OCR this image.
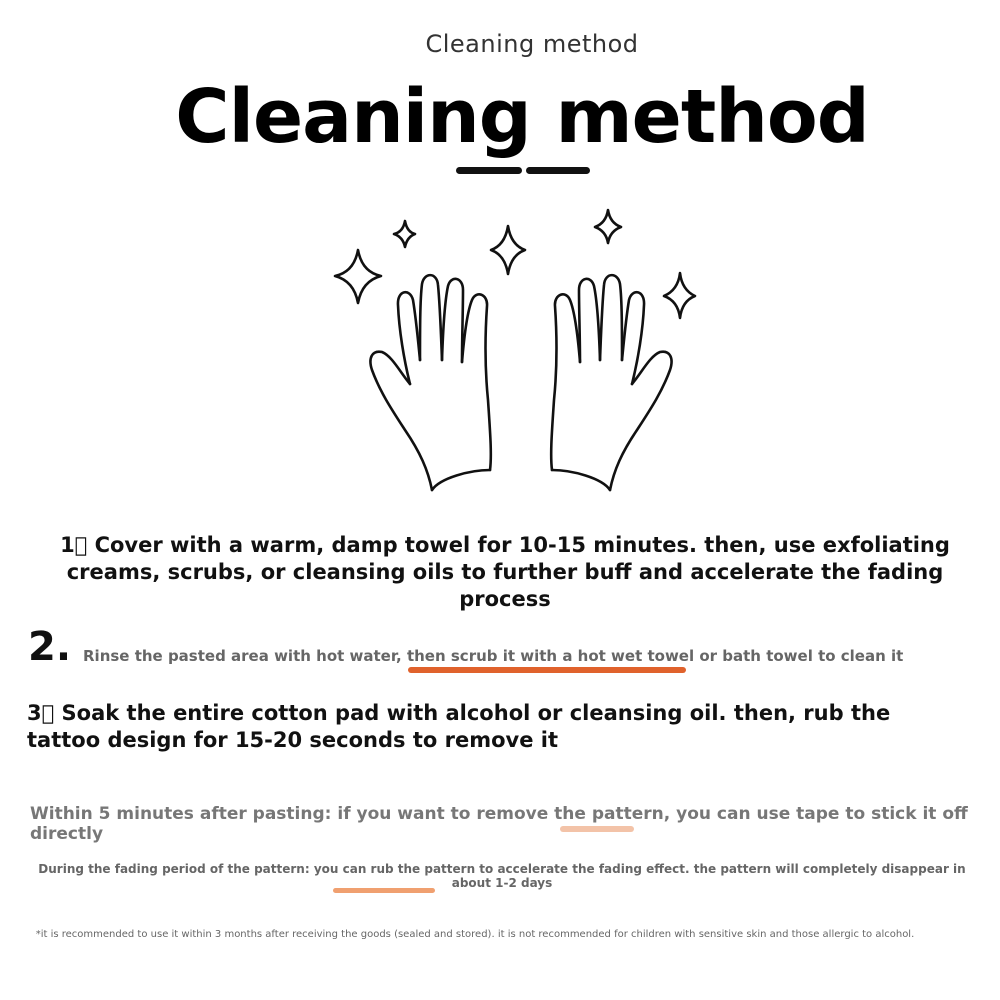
Cleaning method
Cleaning method
1  Cover with a warm, damp towel for 10-15 minutes. then, use exfoliating creams, scrubs, or cleansing oils to further buff and accelerate the fading process
2. Rinse the pasted area with hot water, then scrub it with a hot wet towel or bath towel to clean it
3  Soak the entire cotton pad with alcohol or cleansing oil. then, rub the tattoo design for 15-20 seconds to remove it
Within 5 minutes after pasting: if you want to remove the pattern, you can use tape to stick it off directly
During the fading period of the pattern: you can rub the pattern to accelerate the fading effect. the pattern will completely disappear in about 1-2 days
*it is recommended to use it within 3 months after receiving the goods (sealed and stored). it is not recommended for children with sensitive skin and those allergic to alcohol.
